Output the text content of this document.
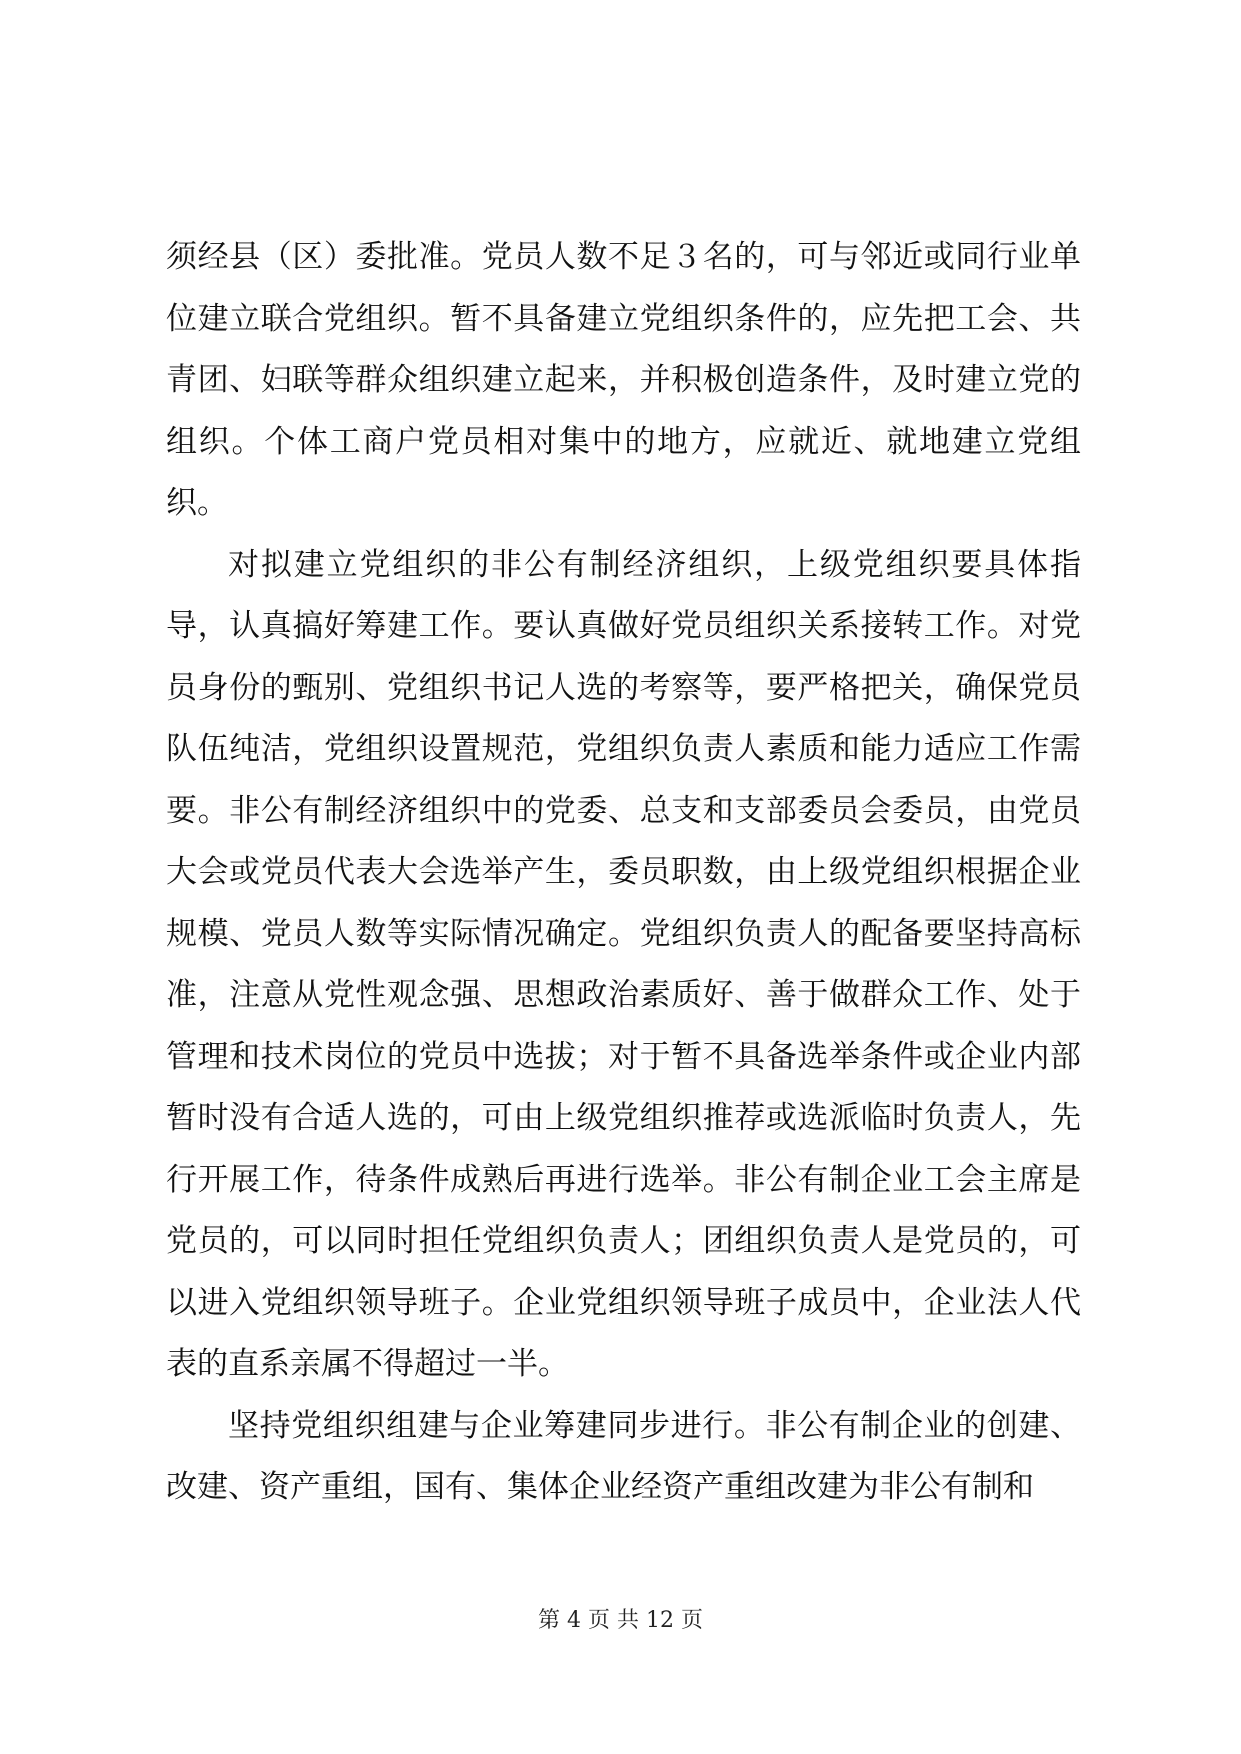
须经县（区）委批准。党员人数不足３名的，可与邻近或同行业单位建立联合党组织。暂不具备建立党组织条件的，应先把工会、共青团、妇联等群众组织建立起来，并积极创造条件，及时建立党的组织。个体工商户党员相对集中的地方，应就近、就地建立党组织。

对拟建立党组织的非公有制经济组织，上级党组织要具体指导，认真搞好筹建工作。要认真做好党员组织关系接转工作。对党员身份的甄别、党组织书记人选的考察等，要严格把关，确保党员队伍纯洁，党组织设置规范，党组织负责人素质和能力适应工作需要。非公有制经济组织中的党委、总支和支部委员会委员，由党员大会或党员代表大会选举产生，委员职数，由上级党组织根据企业规模、党员人数等实际情况确定。党组织负责人的配备要坚持高标准，注意从党性观念强、思想政治素质好、善于做群众工作、处于管理和技术岗位的党员中选拔；对于暂不具备选举条件或企业内部暂时没有合适人选的，可由上级党组织推荐或选派临时负责人，先行开展工作，待条件成熟后再进行选举。非公有制企业工会主席是党员的，可以同时担任党组织负责人；团组织负责人是党员的，可以进入党组织领导班子。企业党组织领导班子成员中，企业法人代表的直系亲属不得超过一半。

坚持党组织组建与企业筹建同步进行。非公有制企业的创建、改建、资产重组，国有、集体企业经资产重组改建为非公有制和

第 4 页 共 12 页
